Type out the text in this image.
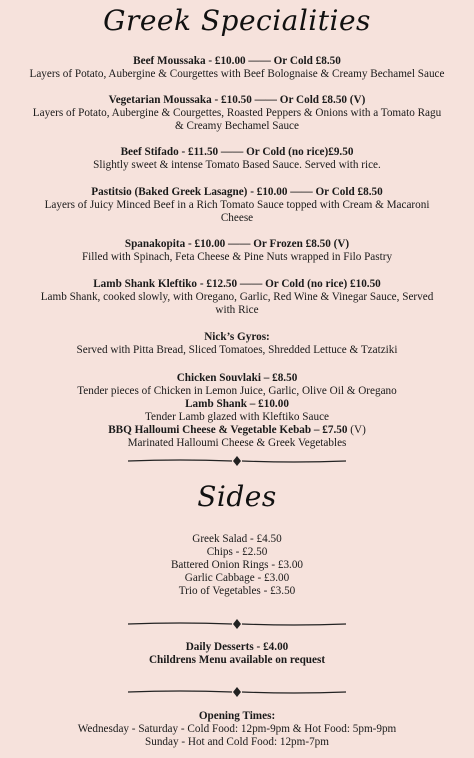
Greek Specialities
Beef Moussaka - £10.00 —— Or Cold £8.50
Layers of Potato, Aubergine & Courgettes with Beef Bolognaise & Creamy Bechamel Sauce
Vegetarian Moussaka - £10.50 —— Or Cold £8.50 (V)
Layers of Potato, Aubergine & Courgettes, Roasted Peppers & Onions with a Tomato Ragu
& Creamy Bechamel Sauce
Beef Stifado - £11.50 —— Or Cold (no rice)£9.50
Slightly sweet & intense Tomato Based Sauce. Served with rice.
Pastitsio (Baked Greek Lasagne) - £10.00 —— Or Cold £8.50
Layers of Juicy Minced Beef in a Rich Tomato Sauce topped with Cream & Macaroni
Cheese
Spanakopita - £10.00 —— Or Frozen £8.50 (V)
Filled with Spinach, Feta Cheese & Pine Nuts wrapped in Filo Pastry
Lamb Shank Kleftiko - £12.50 —— Or Cold (no rice) £10.50
Lamb Shank, cooked slowly, with Oregano, Garlic, Red Wine & Vinegar Sauce, Served
with Rice
Nick’s Gyros:
Served with Pitta Bread, Sliced Tomatoes, Shredded Lettuce & Tzatziki
Chicken Souvlaki – £8.50
Tender pieces of Chicken in Lemon Juice, Garlic, Olive Oil & Oregano
Lamb Shank – £10.00
Tender Lamb glazed with Kleftiko Sauce
BBQ Halloumi Cheese & Vegetable Kebab – £7.50 (V)
Marinated Halloumi Cheese & Greek Vegetables
Sides
Greek Salad - £4.50
Chips - £2.50
Battered Onion Rings - £3.00
Garlic Cabbage - £3.00
Trio of Vegetables - £3.50
Daily Desserts - £4.00
Childrens Menu available on request
Opening Times:
Wednesday - Saturday - Cold Food: 12pm-9pm & Hot Food: 5pm-9pm
Sunday - Hot and Cold Food: 12pm-7pm
